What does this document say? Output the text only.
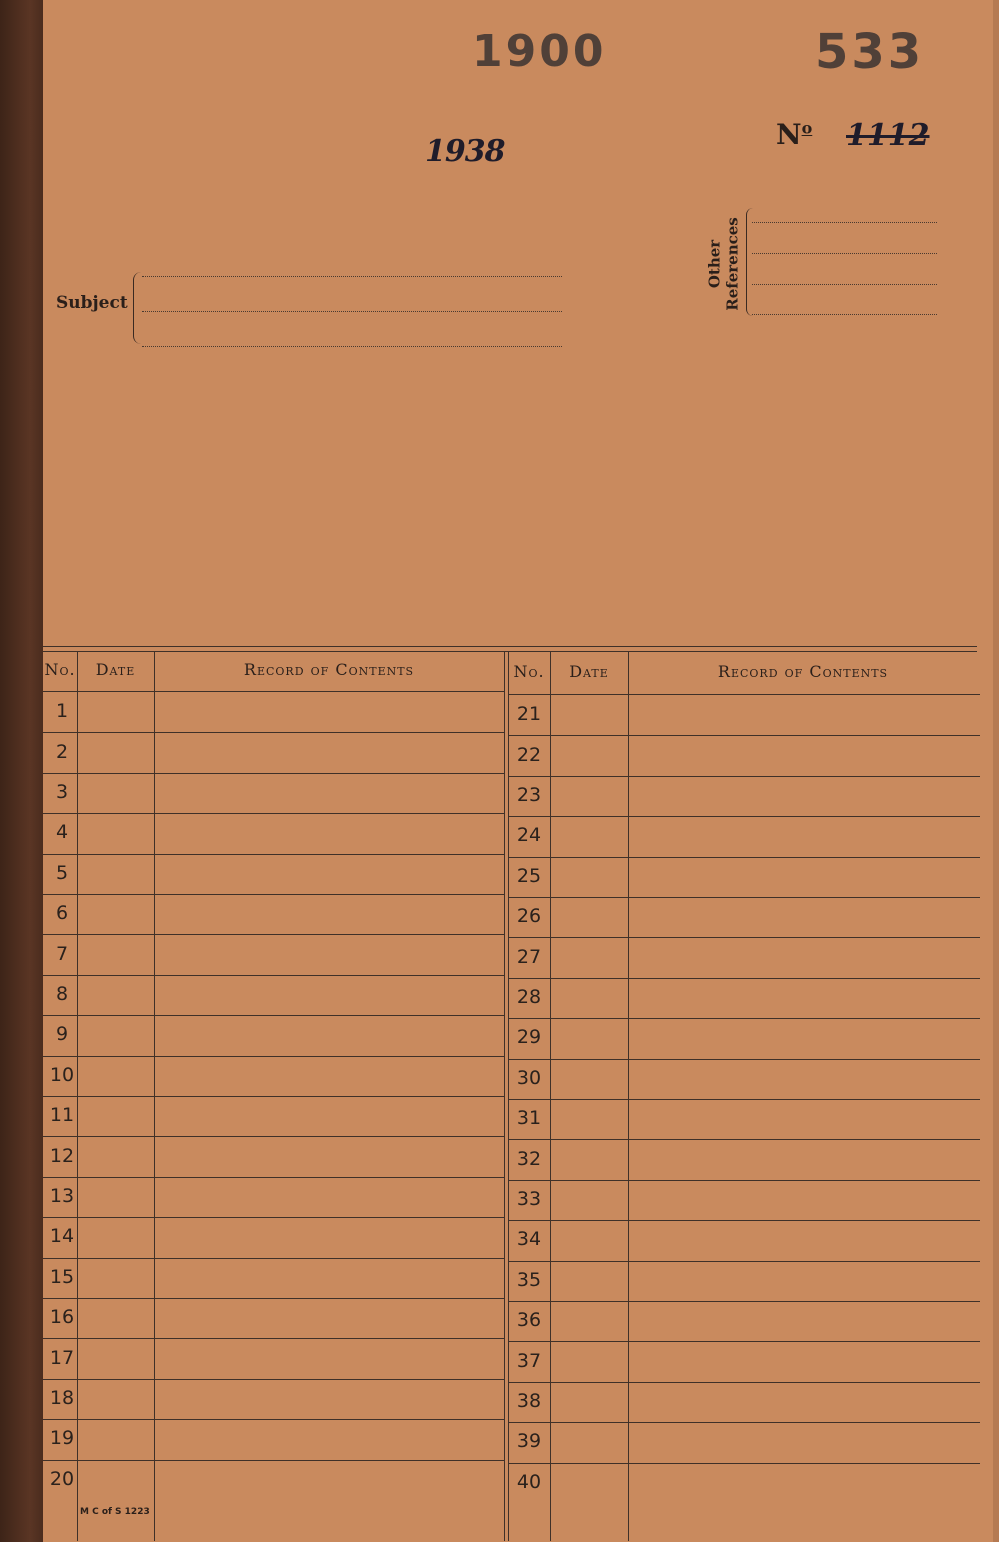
1900	533
1938	$N^o$ 1112
Subject
Other
References
No.	Date	Record of Contents	No.	Date	Record of Contents
1
2
3
4
5
6
7
8
9
10
11
12
13
14
15
16
17
18
19
20
21
22
23
24
25
26
27
28
29
30
31
32
33
34
35
36
37
38
39
40
M C of S 1223
